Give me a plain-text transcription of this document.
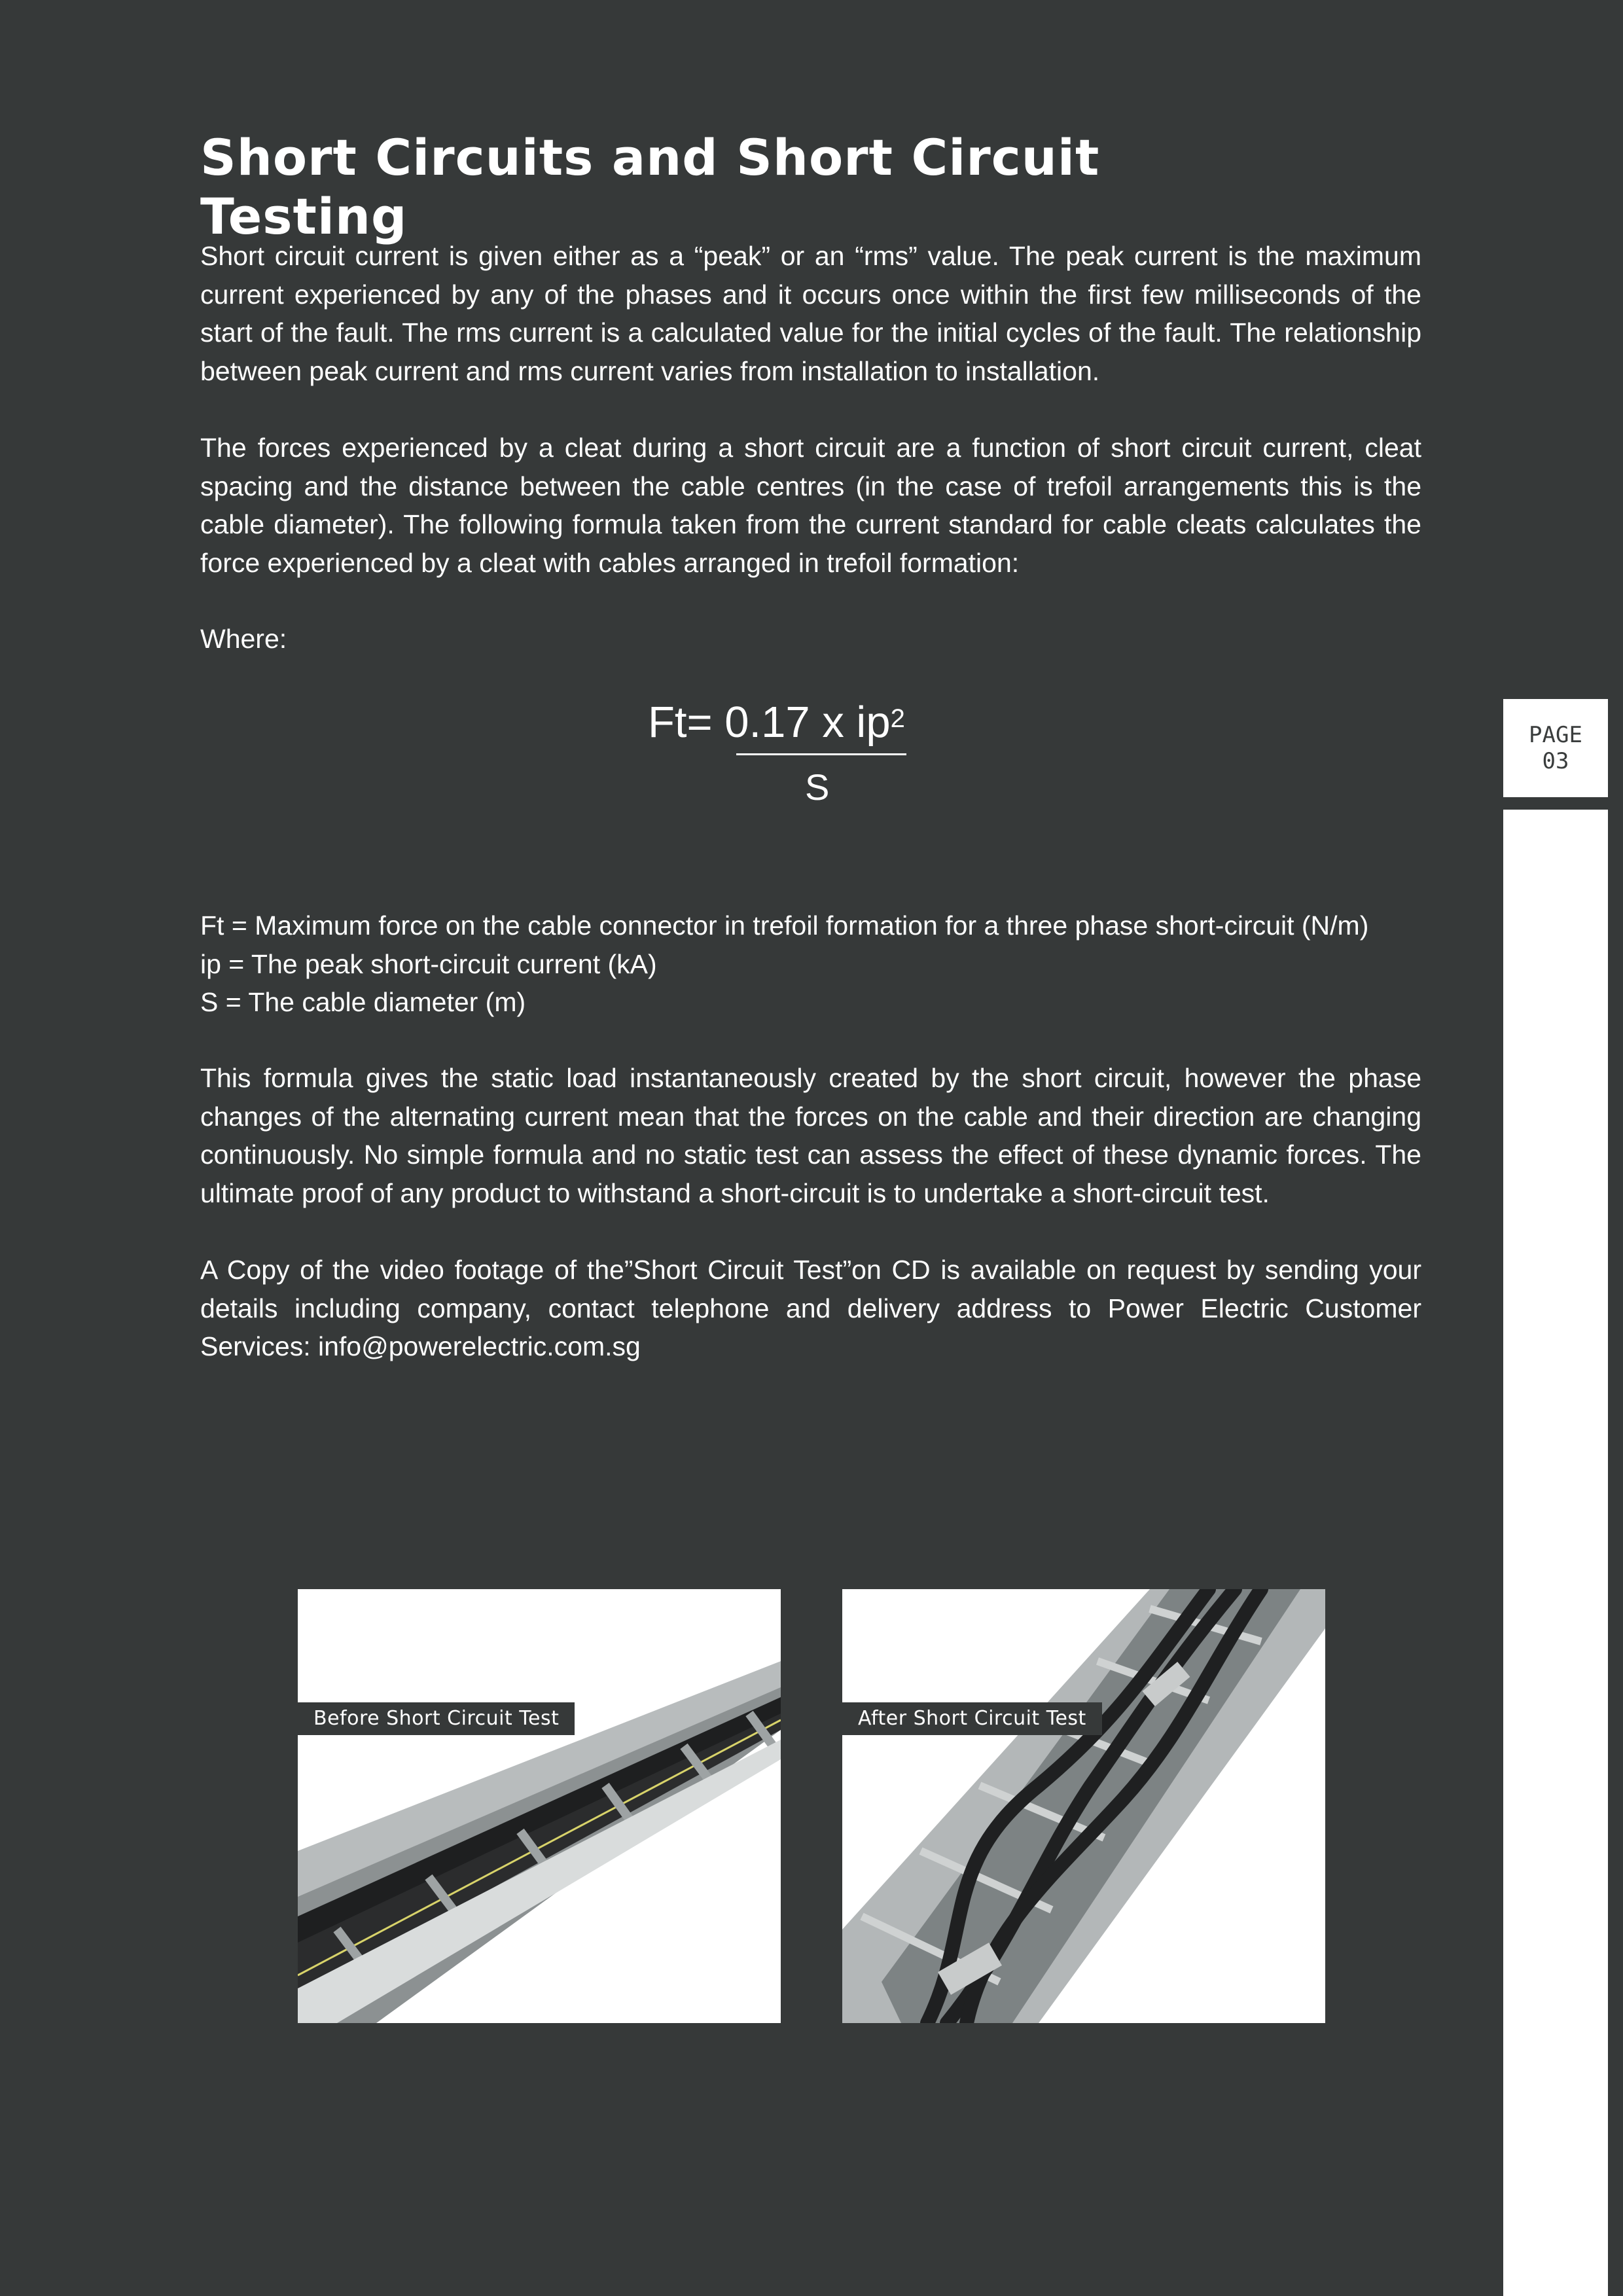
Short Circuits and Short Circuit Testing

Short circuit current is given either as a “peak” or an “rms” value. The peak current is the maximum current experienced by any of the phases and it occurs once within the first few milliseconds of the start of the fault. The rms current is a calculated value for the initial cycles of the fault. The relationship between peak current and rms current varies from installation to installation.

The forces experienced by a cleat during a short circuit are a function of short circuit current, cleat spacing and the distance between the cable centres (in the case of trefoil arrangements this is the cable diameter). The following formula taken from the current standard for cable cleats calculates the force experienced by a cleat with cables arranged in trefoil formation:

Where:

Ft= 0.17 x $ip^2$
S

Ft = Maximum force on the cable connector in trefoil formation for a three phase short-circuit (N/m)
ip = The peak short-circuit current (kA)
S = The cable diameter (m)

This formula gives the static load instantaneously created by the short circuit, however the phase changes of the alternating current mean that the forces on the cable and their direction are changing continuously. No simple formula and no static test can assess the effect of these dynamic forces. The ultimate proof of any product to withstand a short-circuit is to undertake a short-circuit test.

A Copy of the video footage of the”Short Circuit Test”on CD is available on request by sending your details including company, contact telephone and delivery address to Power Electric Customer Services: info@powerelectric.com.sg

PAGE
03
Before Short Circuit Test	After Short Circuit Test
